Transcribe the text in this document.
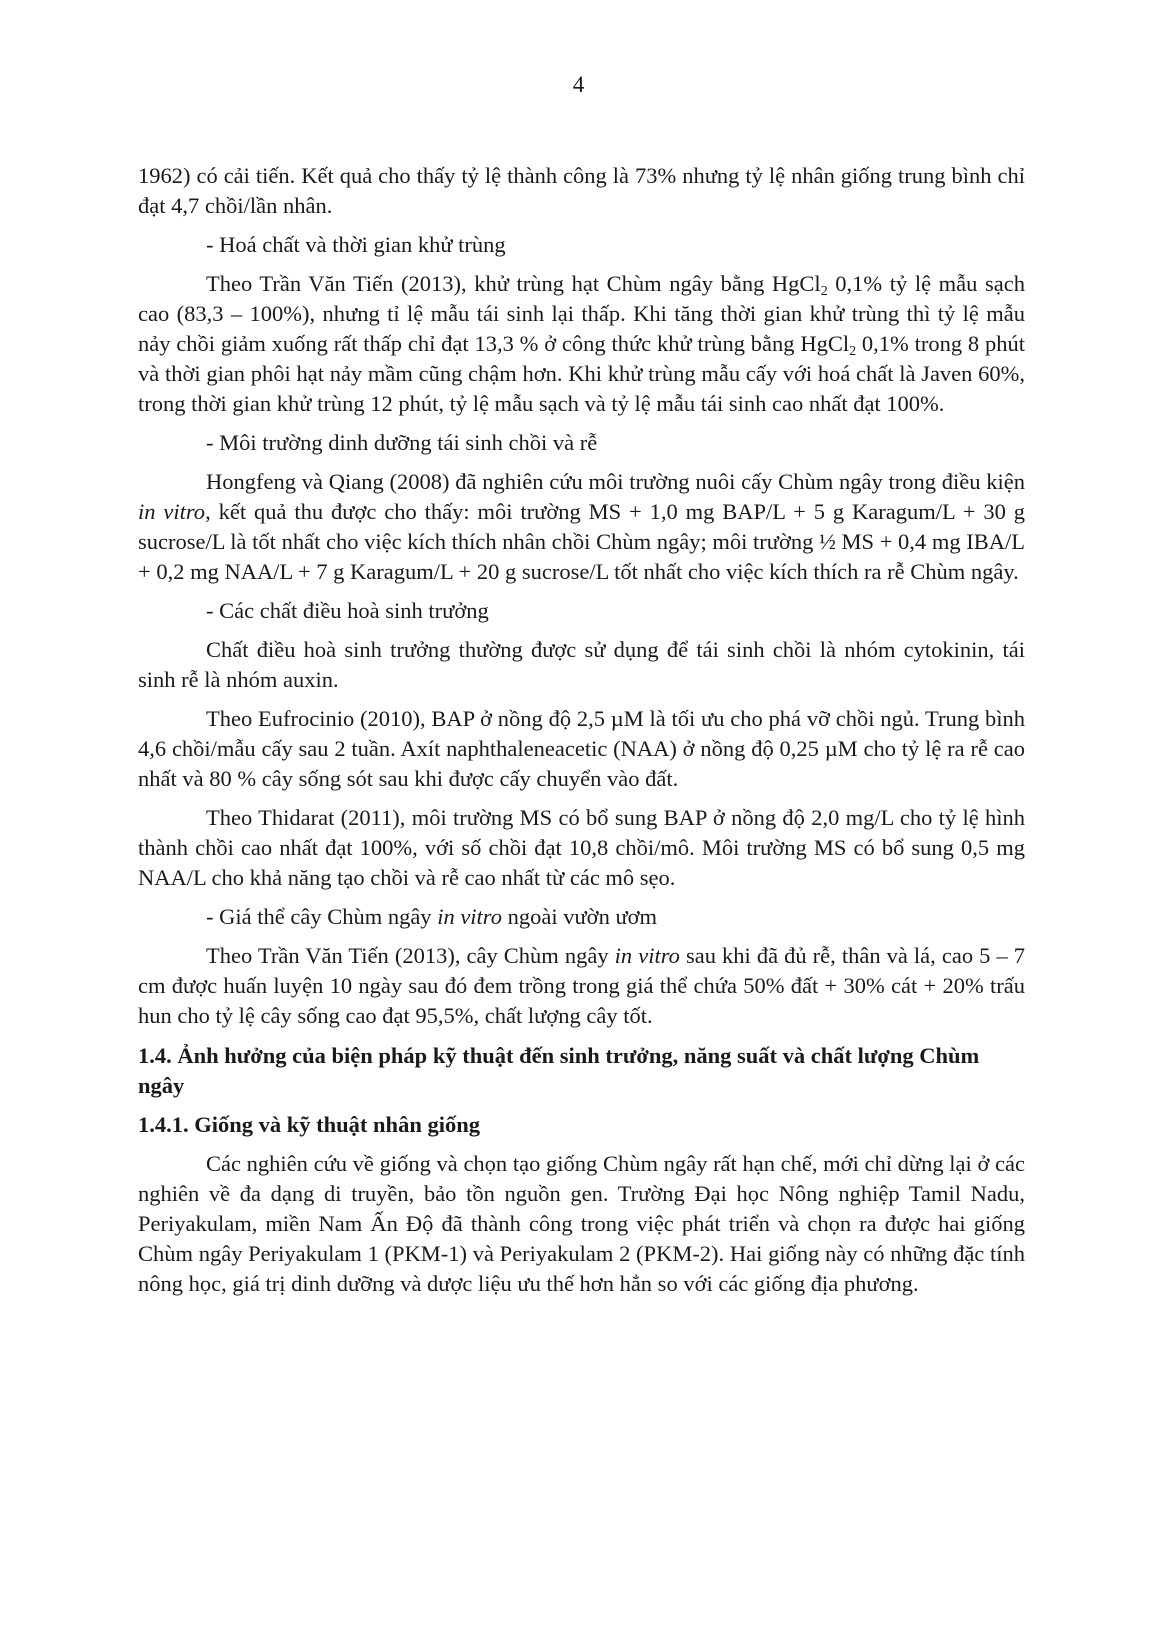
4

1962) có cải tiến. Kết quả cho thấy tỷ lệ thành công là 73% nhưng tỷ lệ nhân giống trung bình chỉ đạt 4,7 chồi/lần nhân.

- Hoá chất và thời gian khử trùng

Theo Trần Văn Tiến (2013), khử trùng hạt Chùm ngây bằng HgCl$_2$ 0,1% tỷ lệ mẫu sạch cao (83,3 – 100%), nhưng tỉ lệ mẫu tái sinh lại thấp. Khi tăng thời gian khử trùng thì tỷ lệ mẫu nảy chồi giảm xuống rất thấp chỉ đạt 13,3 % ở công thức khử trùng bằng HgCl$_2$ 0,1% trong 8 phút và thời gian phôi hạt nảy mầm cũng chậm hơn. Khi khử trùng mẫu cấy với hoá chất là Javen 60%, trong thời gian khử trùng 12 phút, tỷ lệ mẫu sạch và tỷ lệ mẫu tái sinh cao nhất đạt 100%.

- Môi trường dinh dưỡng tái sinh chồi và rễ

Hongfeng và Qiang (2008) đã nghiên cứu môi trường nuôi cấy Chùm ngây trong điều kiện in vitro, kết quả thu được cho thấy: môi trường MS + 1,0 mg BAP/L + 5 g Karagum/L + 30 g sucrose/L là tốt nhất cho việc kích thích nhân chồi Chùm ngây; môi trường ½ MS + 0,4 mg IBA/L + 0,2 mg NAA/L + 7 g Karagum/L + 20 g sucrose/L tốt nhất cho việc kích thích ra rễ Chùm ngây.

- Các chất điều hoà sinh trưởng

Chất điều hoà sinh trưởng thường được sử dụng để tái sinh chồi là nhóm cytokinin, tái sinh rễ là nhóm auxin.

Theo Eufrocinio (2010), BAP ở nồng độ 2,5 µM là tối ưu cho phá vỡ chồi ngủ. Trung bình 4,6 chồi/mẫu cấy sau 2 tuần. Axít naphthaleneacetic (NAA) ở nồng độ 0,25 µM cho tỷ lệ ra rễ cao nhất và 80 % cây sống sót sau khi được cấy chuyển vào đất.

Theo Thidarat (2011), môi trường MS có bổ sung BAP ở nồng độ 2,0 mg/L cho tỷ lệ hình thành chồi cao nhất đạt 100%, với số chồi đạt 10,8 chồi/mô. Môi trường MS có bổ sung 0,5 mg NAA/L cho khả năng tạo chồi và rễ cao nhất từ các mô sẹo.

- Giá thể cây Chùm ngây in vitro ngoài vườn ươm

Theo Trần Văn Tiến (2013), cây Chùm ngây in vitro sau khi đã đủ rễ, thân và lá, cao 5 – 7 cm được huấn luyện 10 ngày sau đó đem trồng trong giá thể chứa 50% đất + 30% cát + 20% trấu hun cho tỷ lệ cây sống cao đạt 95,5%, chất lượng cây tốt.

1.4. Ảnh hưởng của biện pháp kỹ thuật đến sinh trưởng, năng suất và chất lượng Chùm ngây

1.4.1. Giống và kỹ thuật nhân giống

Các nghiên cứu về giống và chọn tạo giống Chùm ngây rất hạn chế, mới chỉ dừng lại ở các nghiên về đa dạng di truyền, bảo tồn nguồn gen. Trường Đại học Nông nghiệp Tamil Nadu, Periyakulam, miền Nam Ấn Độ đã thành công trong việc phát triển và chọn ra được hai giống Chùm ngây Periyakulam 1 (PKM-1) và Periyakulam 2 (PKM-2). Hai giống này có những đặc tính nông học, giá trị dinh dưỡng và dược liệu ưu thế hơn hẳn so với các giống địa phương.
